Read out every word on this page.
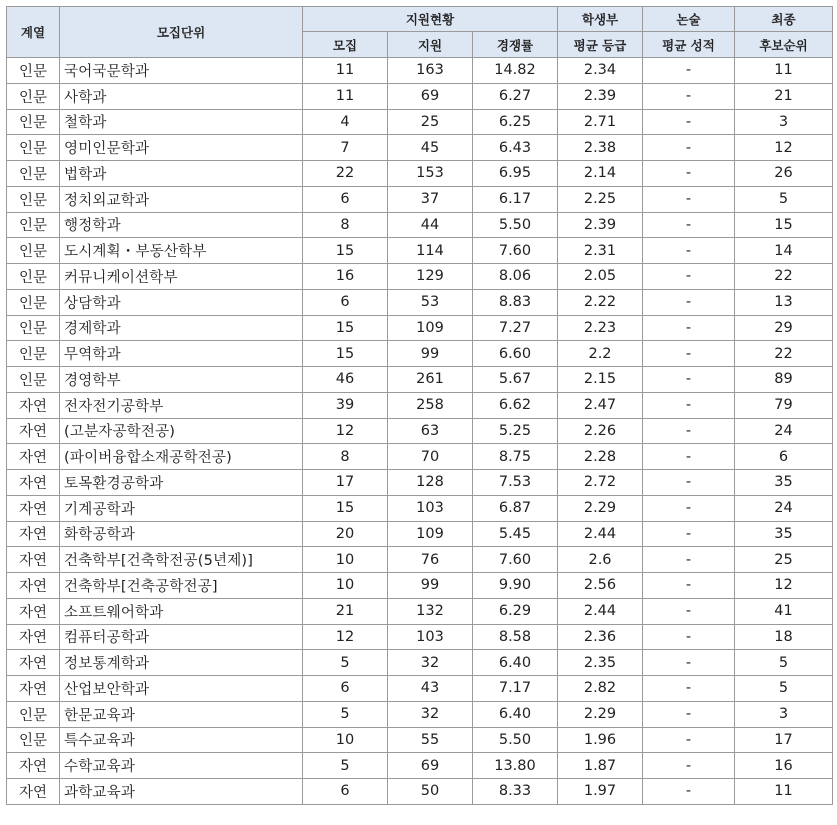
계열	모집단위	지원현황			학생부	논술	최종
		모집	지원	경쟁률	평균 등급	평균 성적	후보순위
인문	국어국문학과	11	163	14.82	2.34	-	11
인문	사학과	11	69	6.27	2.39	-	21
인문	철학과	4	25	6.25	2.71	-	3
인문	영미인문학과	7	45	6.43	2.38	-	12
인문	법학과	22	153	6.95	2.14	-	26
인문	정치외교학과	6	37	6.17	2.25	-	5
인문	행정학과	8	44	5.50	2.39	-	15
인문	도시계획・부동산학부	15	114	7.60	2.31	-	14
인문	커뮤니케이션학부	16	129	8.06	2.05	-	22
인문	상담학과	6	53	8.83	2.22	-	13
인문	경제학과	15	109	7.27	2.23	-	29
인문	무역학과	15	99	6.60	2.2	-	22
인문	경영학부	46	261	5.67	2.15	-	89
자연	전자전기공학부	39	258	6.62	2.47	-	79
자연	(고분자공학전공)	12	63	5.25	2.26	-	24
자연	(파이버융합소재공학전공)	8	70	8.75	2.28	-	6
자연	토목환경공학과	17	128	7.53	2.72	-	35
자연	기계공학과	15	103	6.87	2.29	-	24
자연	화학공학과	20	109	5.45	2.44	-	35
자연	건축학부[건축학전공(5년제)]	10	76	7.60	2.6	-	25
자연	건축학부[건축공학전공]	10	99	9.90	2.56	-	12
자연	소프트웨어학과	21	132	6.29	2.44	-	41
자연	컴퓨터공학과	12	103	8.58	2.36	-	18
자연	정보통계학과	5	32	6.40	2.35	-	5
자연	산업보안학과	6	43	7.17	2.82	-	5
인문	한문교육과	5	32	6.40	2.29	-	3
인문	특수교육과	10	55	5.50	1.96	-	17
자연	수학교육과	5	69	13.80	1.87	-	16
자연	과학교육과	6	50	8.33	1.97	-	11
